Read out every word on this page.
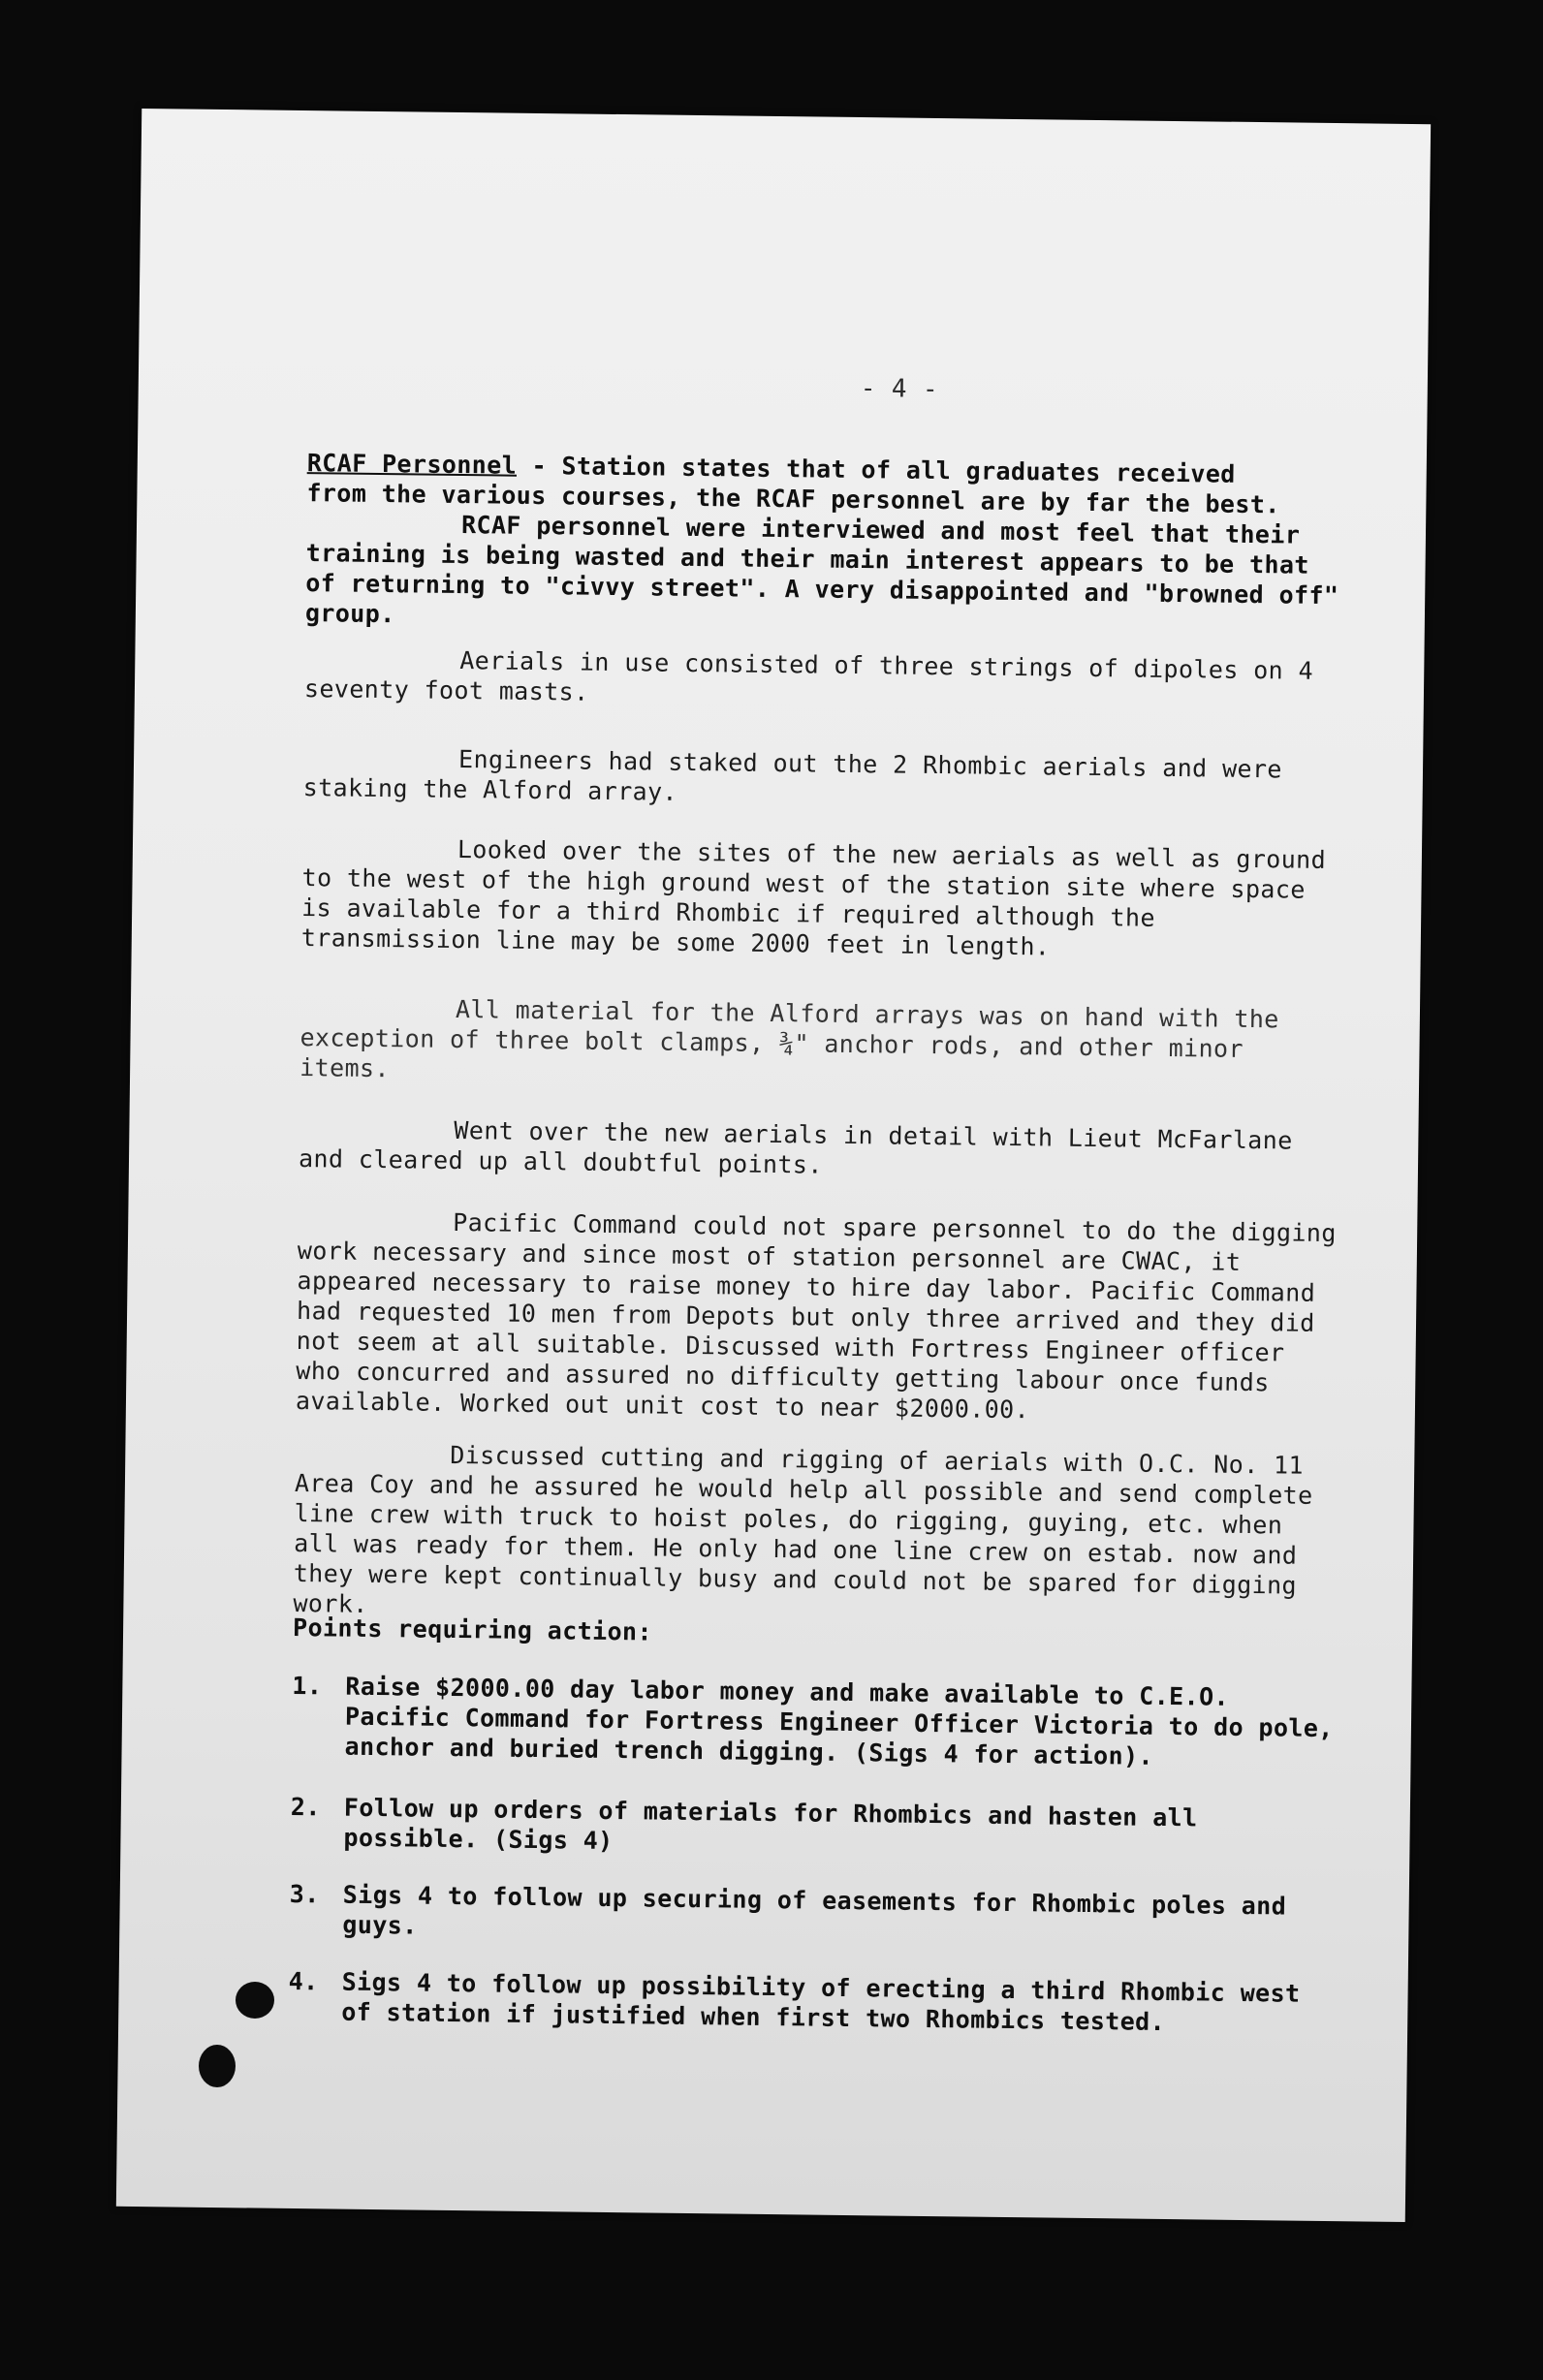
- 4 -

RCAF Personnel - Station states that of all graduates received
from the various courses, the RCAF personnel are by far the best.

RCAF personnel were interviewed and most feel that their training is being wasted and their main interest appears to be that of returning to "civvy street". A very disappointed and "browned off" group.

Aerials in use consisted of three strings of dipoles on 4 seventy foot masts.

Engineers had staked out the 2 Rhombic aerials and were staking the Alford array.

Looked over the sites of the new aerials as well as ground to the west of the high ground west of the station site where space is available for a third Rhombic if required although the transmission line may be some 2000 feet in length.

All material for the Alford arrays was on hand with the exception of three bolt clamps, ¾" anchor rods, and other minor items.

Went over the new aerials in detail with Lieut McFarlane and cleared up all doubtful points.

Pacific Command could not spare personnel to do the digging work necessary and since most of station personnel are CWAC, it appeared necessary to raise money to hire day labor. Pacific Command had requested 10 men from Depots but only three arrived and they did not seem at all suitable. Discussed with Fortress Engineer officer who concurred and assured no difficulty getting labour once funds available. Worked out unit cost to near $2000.00.

Discussed cutting and rigging of aerials with O.C. No. 11 Area Coy and he assured he would help all possible and send complete line crew with truck to hoist poles, do rigging, guying, etc. when all was ready for them. He only had one line crew on estab. now and they were kept continually busy and could not be spared for digging work.

Points requiring action:

1. Raise $2000.00 day labor money and make available to C.E.O. Pacific Command for Fortress Engineer Officer Victoria to do pole, anchor and buried trench digging. (Sigs 4 for action).
2. Follow up orders of materials for Rhombics and hasten all possible. (Sigs 4)
3. Sigs 4 to follow up securing of easements for Rhombic poles and guys.
4. Sigs 4 to follow up possibility of erecting a third Rhombic west of station if justified when first two Rhombics tested.
